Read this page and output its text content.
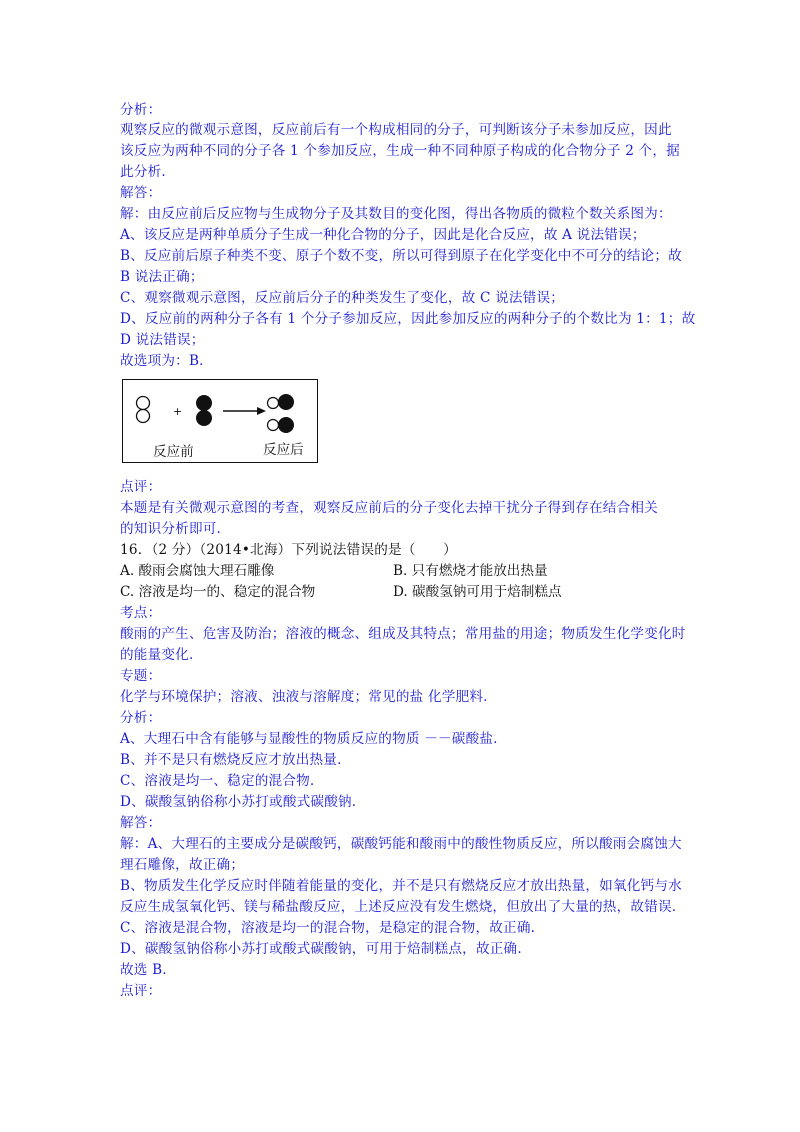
分析：
观察反应的微观示意图，反应前后有一个构成相同的分子，可判断该分子未参加反应，因此
该反应为两种不同的分子各 1 个参加反应，生成一种不同种原子构成的化合物分子 2 个，据
此分析.
解答：
解：由反应前后反应物与生成物分子及其数目的变化图，得出各物质的微粒个数关系图为：
A、该反应是两种单质分子生成一种化合物的分子，因此是化合反应，故 A 说法错误；
B、反应前后原子种类不变、原子个数不变，所以可得到原子在化学变化中不可分的结论；故
B 说法正确；
C、观察微观示意图，反应前后分子的种类发生了变化，故 C 说法错误；
D、反应前的两种分子各有 1 个分子参加反应，因此参加反应的两种分子的个数比为 1：1；故
D 说法错误；
故选项为：B．
+
反应前	反应后
点评：
本题是有关微观示意图的考查，观察反应前后的分子变化去掉干扰分子得到存在结合相关
的知识分析即可.
16．（2 分）（2014•北海）下列说法错误的是（　　）
A. 酸雨会腐蚀大理石雕像	B. 只有燃烧才能放出热量
C. 溶液是均一的、稳定的混合物	D. 碳酸氢钠可用于焙制糕点
考点：
酸雨的产生、危害及防治；溶液的概念、组成及其特点；常用盐的用途；物质发生化学变化时
的能量变化.
专题：
化学与环境保护；溶液、浊液与溶解度；常见的盐 化学肥料.
分析：
A、大理石中含有能够与显酸性的物质反应的物质 －－碳酸盐.
B、并不是只有燃烧反应才放出热量.
C、溶液是均一、稳定的混合物.
D、碳酸氢钠俗称小苏打或酸式碳酸钠.
解答：
解：A、大理石的主要成分是碳酸钙，碳酸钙能和酸雨中的酸性物质反应，所以酸雨会腐蚀大
理石雕像，故正确；
B、物质发生化学反应时伴随着能量的变化，并不是只有燃烧反应才放出热量，如氧化钙与水
反应生成氢氧化钙、镁与稀盐酸反应，上述反应没有发生燃烧，但放出了大量的热，故错误.
C、溶液是混合物，溶液是均一的混合物，是稳定的混合物，故正确.
D、碳酸氢钠俗称小苏打或酸式碳酸钠，可用于焙制糕点，故正确.
故选 B.
点评：
